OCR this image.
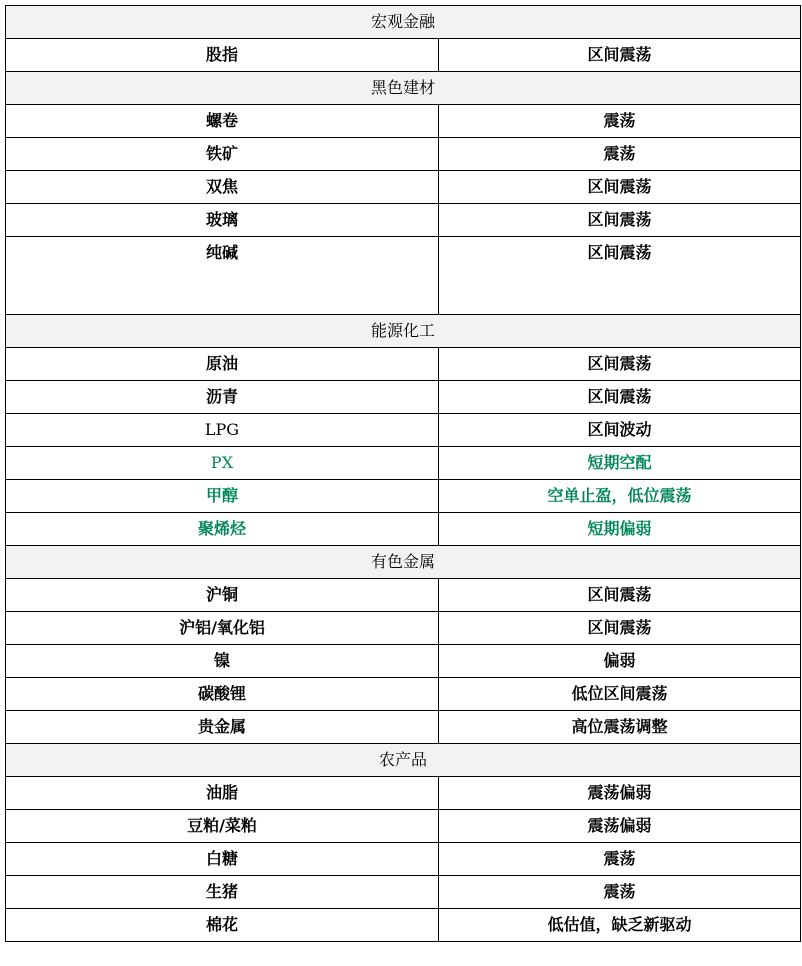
宏观金融	
股指	区间震荡
黑色建材	
螺卷	震荡
铁矿	震荡
双焦	区间震荡
玻璃	区间震荡
纯碱	区间震荡
能源化工	
原油	区间震荡
沥青	区间震荡
LPG	区间波动
PX	短期空配
甲醇	空单止盈，低位震荡
聚烯烃	短期偏弱
有色金属	
沪铜	区间震荡
沪铝/氧化铝	区间震荡
镍	偏弱
碳酸锂	低位区间震荡
贵金属	高位震荡调整
农产品	
油脂	震荡偏弱
豆粕/菜粕	震荡偏弱
白糖	震荡
生猪	震荡
棉花	低估值，缺乏新驱动
